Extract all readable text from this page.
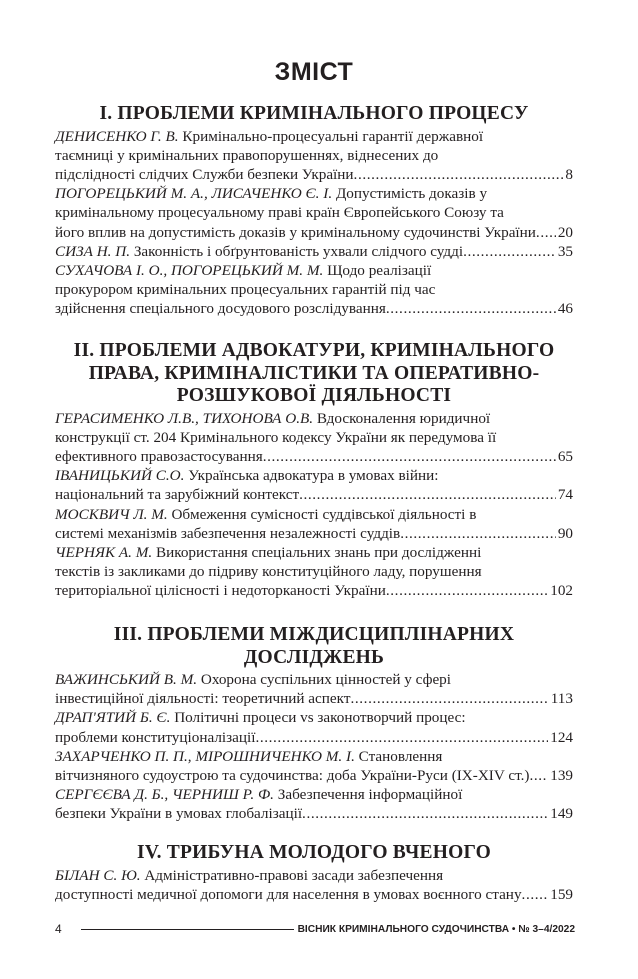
ЗМІСТ
I. ПРОБЛЕМИ КРИМІНАЛЬНОГО ПРОЦЕСУ
ДЕНИСЕНКО Г. В. Кримінально-процесуальні гарантії державної
таємниці у кримінальних правопорушеннях, віднесених до
підслідності слідчих Служби безпеки України .....	8
ПОГОРЕЦЬКИЙ М. А., ЛИСАЧЕНКО Є. І. Допустимість доказів у
кримінальному процесуальному праві країн Європейського Союзу та
його вплив на допустимість доказів у кримінальному судочинстві України ..... 20
СИЗА Н. П. Законність і обґрунтованість ухвали слідчого судді .....	35
СУХАЧОВА І. О., ПОГОРЕЦЬКИЙ М. М. Щодо реалізації
прокурором кримінальних процесуальних гарантій під час
здійснення спеціального досудового розслідування .....	46
II. ПРОБЛЕМИ АДВОКАТУРИ, КРИМІНАЛЬНОГО
ПРАВА, КРИМІНАЛІСТИКИ ТА ОПЕРАТИВНО-
РОЗШУКОВОЇ ДІЯЛЬНОСТІ
ГЕРАСИМЕНКО Л.В., ТИХОНОВА О.В. Вдосконалення юридичної
конструкції ст. 204 Кримінального кодексу України як передумова її
ефективного правозастосування .....	65
ІВАНИЦЬКИЙ С.О. Українська адвокатура в умовах війни:
національний та зарубіжний контекст .....	74
МОСКВИЧ Л. М. Обмеження сумісності суддівської діяльності в
системі механізмів забезпечення незалежності суддів .....	90
ЧЕРНЯК А. М. Використання спеціальних знань при дослідженні
текстів із закликами до підриву конституційного ладу, порушення
територіальної цілісності і недоторканості України .....	102
III. ПРОБЛЕМИ МІЖДИСЦИПЛІНАРНИХ
ДОСЛІДЖЕНЬ
ВАЖИНСЬКИЙ В. М. Охорона суспільних цінностей у сфері
інвестиційної діяльності: теоретичний аспект .....	113
ДРАП'ЯТИЙ Б. Є. Політичні процеси vs законотворчий процес:
проблеми конституціоналізації .....	124
ЗАХАРЧЕНКО П. П., МІРОШНИЧЕНКО М. І. Становлення
вітчизняного судоустрою та судочинства: доба України-Руси (IX-XIV ст.) ..... 139
СЕРГЄЄВА Д. Б., ЧЕРНИШ Р. Ф. Забезпечення інформаційної
безпеки України в умовах глобалізації .....	149
IV. ТРИБУНА МОЛОДОГО ВЧЕНОГО
БІЛАН С. Ю. Адміністративно-правові засади забезпечення
доступності медичної допомоги для населення в умовах воєнного стану ..... 159
4	ВІСНИК КРИМІНАЛЬНОГО СУДОЧИНСТВА • № 3–4/2022
